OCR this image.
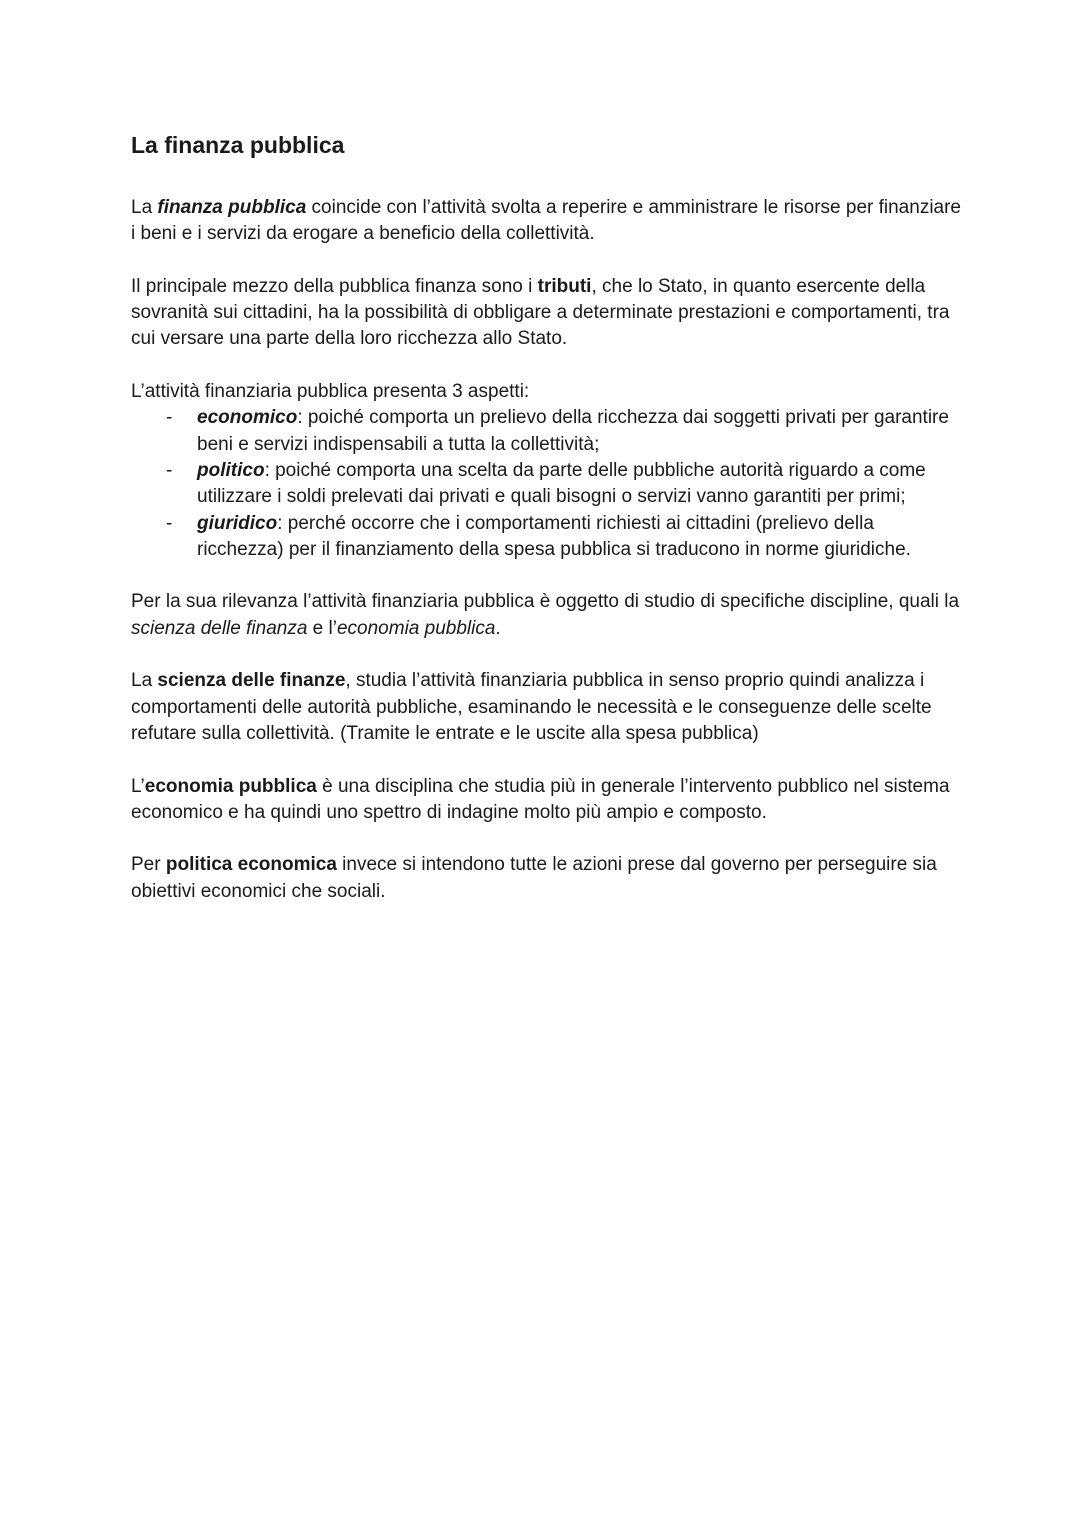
La finanza pubblica

La finanza pubblica coincide con l’attività svolta a reperire e amministrare le risorse per finanziare i beni e i servizi da erogare a beneficio della collettività.

Il principale mezzo della pubblica finanza sono i tributi, che lo Stato, in quanto esercente della sovranità sui cittadini, ha la possibilità di obbligare a determinate prestazioni e comportamenti, tra cui versare una parte della loro ricchezza allo Stato.

L’attività finanziaria pubblica presenta 3 aspetti:
- economico: poiché comporta un prelievo della ricchezza dai soggetti privati per garantire beni e servizi indispensabili a tutta la collettività;
- politico: poiché comporta una scelta da parte delle pubbliche autorità riguardo a come utilizzare i soldi prelevati dai privati e quali bisogni o servizi vanno garantiti per primi;
- giuridico: perché occorre che i comportamenti richiesti ai cittadini (prelievo della ricchezza) per il finanziamento della spesa pubblica si traducono in norme giuridiche.

Per la sua rilevanza l’attività finanziaria pubblica è oggetto di studio di specifiche discipline, quali la scienza delle finanza e l’economia pubblica.

La scienza delle finanze, studia l’attività finanziaria pubblica in senso proprio quindi analizza i comportamenti delle autorità pubbliche, esaminando le necessità e le conseguenze delle scelte refutare sulla collettività. (Tramite le entrate e le uscite alla spesa pubblica)

L’economia pubblica è una disciplina che studia più in generale l’intervento pubblico nel sistema economico e ha quindi uno spettro di indagine molto più ampio e composto.

Per politica economica invece si intendono tutte le azioni prese dal governo per perseguire sia obiettivi economici che sociali.
